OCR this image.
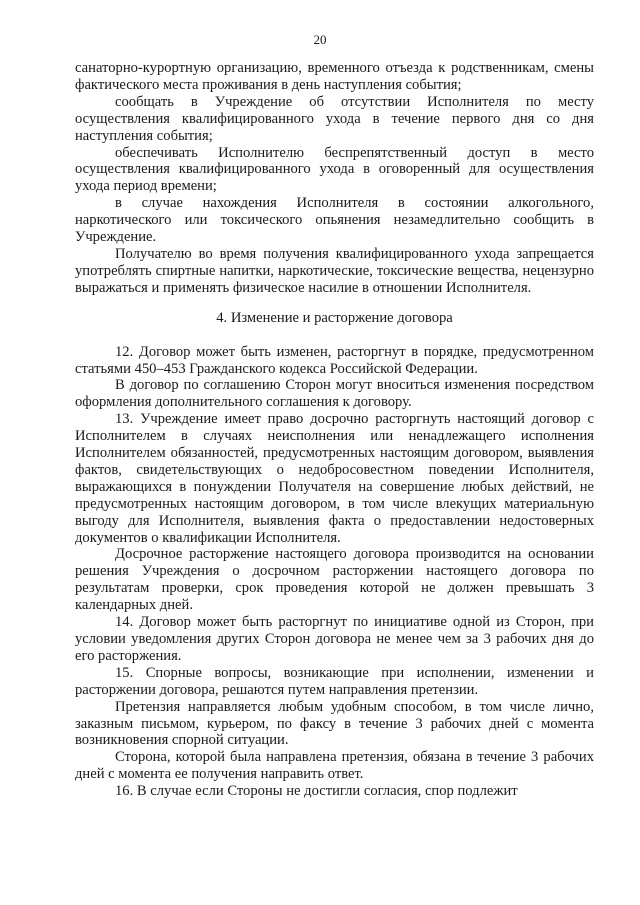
20

санаторно-курортную организацию, временного отъезда к родственникам, смены фактического места проживания в день наступления события;

сообщать в Учреждение об отсутствии Исполнителя по месту осуществления квалифицированного ухода в течение первого дня со дня наступления события;

обеспечивать Исполнителю беспрепятственный доступ в место осуществления квалифицированного ухода в оговоренный для осуществления ухода период времени;

в случае нахождения Исполнителя в состоянии алкогольного, наркотического или токсического опьянения незамедлительно сообщить в Учреждение.

Получателю во время получения квалифицированного ухода запрещается употреблять спиртные напитки, наркотические, токсические вещества, нецензурно выражаться и применять физическое насилие в отношении Исполнителя.

4. Изменение и расторжение договора

12. Договор может быть изменен, расторгнут в порядке, предусмотренном статьями 450–453 Гражданского кодекса Российской Федерации.

В договор по соглашению Сторон могут вноситься изменения посредством оформления дополнительного соглашения к договору.

13. Учреждение имеет право досрочно расторгнуть настоящий договор с Исполнителем в случаях неисполнения или ненадлежащего исполнения Исполнителем обязанностей, предусмотренных настоящим договором, выявления фактов, свидетельствующих о недобросовестном поведении Исполнителя, выражающихся в понуждении Получателя на совершение любых действий, не предусмотренных настоящим договором, в том числе влекущих материальную выгоду для Исполнителя, выявления факта о предоставлении недостоверных документов о квалификации Исполнителя.

Досрочное расторжение настоящего договора производится на основании решения Учреждения о досрочном расторжении настоящего договора по результатам проверки, срок проведения которой не должен превышать 3 календарных дней.

14. Договор может быть расторгнут по инициативе одной из Сторон, при условии уведомления других Сторон договора не менее чем за 3 рабочих дня до его расторжения.

15. Спорные вопросы, возникающие при исполнении, изменении и расторжении договора, решаются путем направления претензии.

Претензия направляется любым удобным способом, в том числе лично, заказным письмом, курьером, по факсу в течение 3 рабочих дней с момента возникновения спорной ситуации.

Сторона, которой была направлена претензия, обязана в течение 3 рабочих дней с момента ее получения направить ответ.

16. В случае если Стороны не достигли согласия, спор подлежит
